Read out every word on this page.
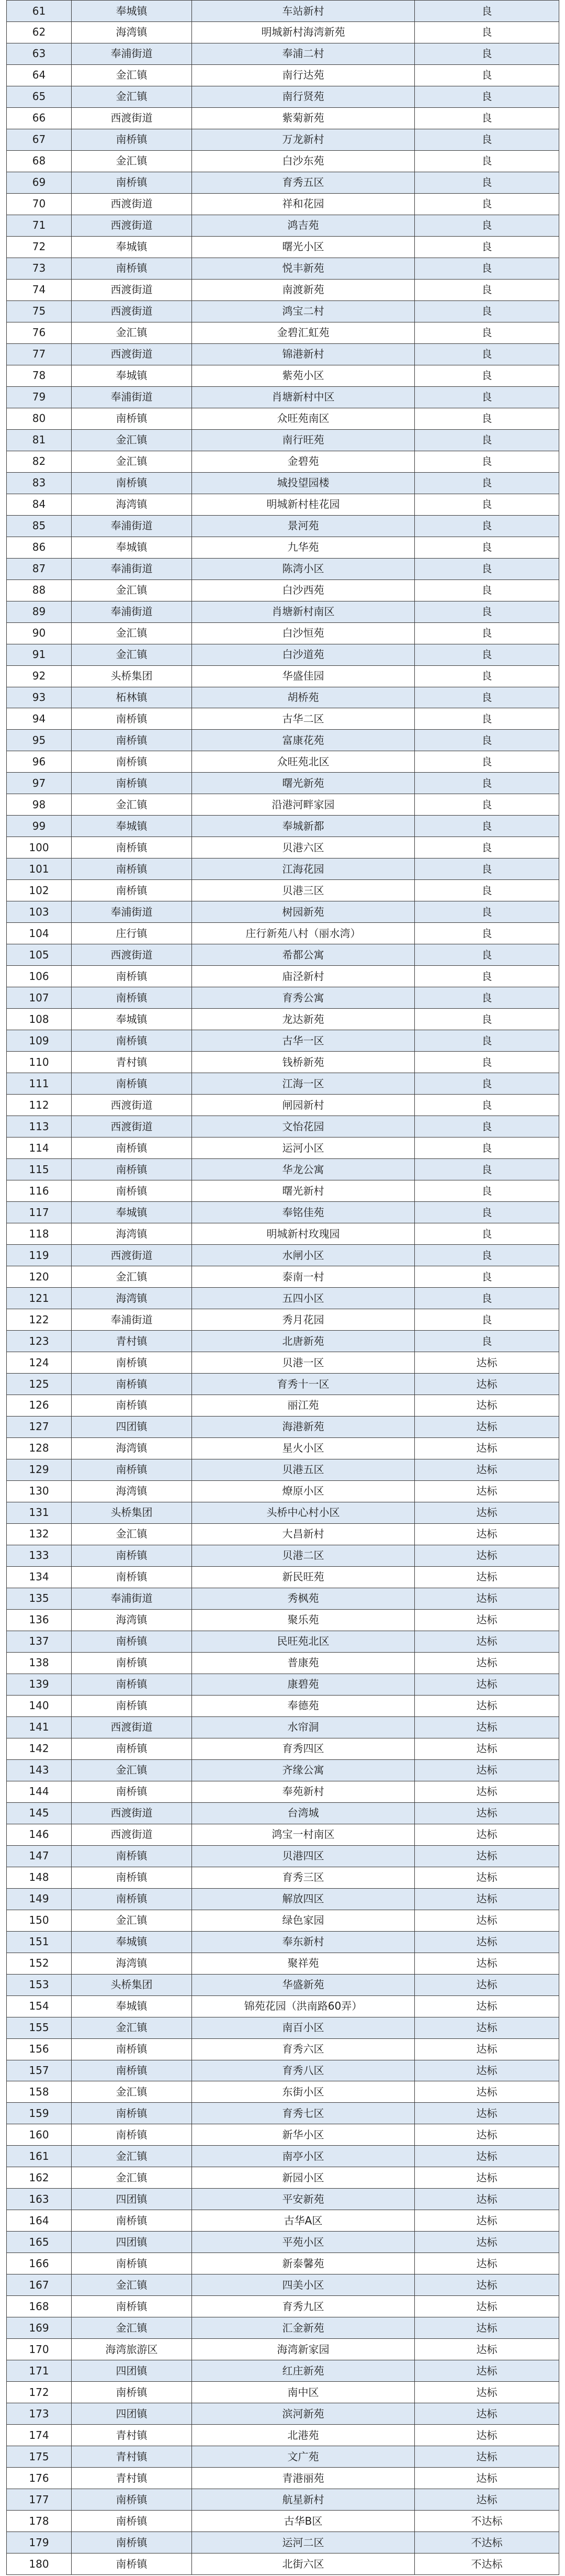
61	奉城镇	车站新村	良
62	海湾镇	明城新村海湾新苑	良
63	奉浦街道	奉浦二村	良
64	金汇镇	南行达苑	良
65	金汇镇	南行贤苑	良
66	西渡街道	紫菊新苑	良
67	南桥镇	万龙新村	良
68	金汇镇	白沙东苑	良
69	南桥镇	育秀五区	良
70	西渡街道	祥和花园	良
71	西渡街道	鸿吉苑	良
72	奉城镇	曙光小区	良
73	南桥镇	悦丰新苑	良
74	西渡街道	南渡新苑	良
75	西渡街道	鸿宝二村	良
76	金汇镇	金碧汇虹苑	良
77	西渡街道	锦港新村	良
78	奉城镇	紫苑小区	良
79	奉浦街道	肖塘新村中区	良
80	南桥镇	众旺苑南区	良
81	金汇镇	南行旺苑	良
82	金汇镇	金碧苑	良
83	南桥镇	城投望园楼	良
84	海湾镇	明城新村桂花园	良
85	奉浦街道	景河苑	良
86	奉城镇	九华苑	良
87	奉浦街道	陈湾小区	良
88	金汇镇	白沙西苑	良
89	奉浦街道	肖塘新村南区	良
90	金汇镇	白沙恒苑	良
91	金汇镇	白沙道苑	良
92	头桥集团	华盛佳园	良
93	柘林镇	胡桥苑	良
94	南桥镇	古华二区	良
95	南桥镇	富康花苑	良
96	南桥镇	众旺苑北区	良
97	南桥镇	曙光新苑	良
98	金汇镇	沿港河畔家园	良
99	奉城镇	奉城新都	良
100	南桥镇	贝港六区	良
101	南桥镇	江海花园	良
102	南桥镇	贝港三区	良
103	奉浦街道	树园新苑	良
104	庄行镇	庄行新苑八村（丽水湾）	良
105	西渡街道	希都公寓	良
106	南桥镇	庙泾新村	良
107	南桥镇	育秀公寓	良
108	奉城镇	龙达新苑	良
109	南桥镇	古华一区	良
110	青村镇	钱桥新苑	良
111	南桥镇	江海一区	良
112	西渡街道	闸园新村	良
113	西渡街道	文怡花园	良
114	南桥镇	运河小区	良
115	南桥镇	华龙公寓	良
116	南桥镇	曙光新村	良
117	奉城镇	奉铭佳苑	良
118	海湾镇	明城新村玫瑰园	良
119	西渡街道	水闸小区	良
120	金汇镇	泰南一村	良
121	海湾镇	五四小区	良
122	奉浦街道	秀月花园	良
123	青村镇	北唐新苑	良
124	南桥镇	贝港一区	达标
125	南桥镇	育秀十一区	达标
126	南桥镇	丽江苑	达标
127	四团镇	海港新苑	达标
128	海湾镇	星火小区	达标
129	南桥镇	贝港五区	达标
130	海湾镇	燎原小区	达标
131	头桥集团	头桥中心村小区	达标
132	金汇镇	大昌新村	达标
133	南桥镇	贝港二区	达标
134	南桥镇	新民旺苑	达标
135	奉浦街道	秀枫苑	达标
136	海湾镇	聚乐苑	达标
137	南桥镇	民旺苑北区	达标
138	南桥镇	普康苑	达标
139	南桥镇	康碧苑	达标
140	南桥镇	奉德苑	达标
141	西渡街道	水帘洞	达标
142	南桥镇	育秀四区	达标
143	金汇镇	齐缘公寓	达标
144	南桥镇	奉苑新村	达标
145	西渡街道	台湾城	达标
146	西渡街道	鸿宝一村南区	达标
147	南桥镇	贝港四区	达标
148	南桥镇	育秀三区	达标
149	南桥镇	解放四区	达标
150	金汇镇	绿色家园	达标
151	奉城镇	奉东新村	达标
152	海湾镇	聚祥苑	达标
153	头桥集团	华盛新苑	达标
154	奉城镇	锦苑花园（洪南路60弄）	达标
155	金汇镇	南百小区	达标
156	南桥镇	育秀六区	达标
157	南桥镇	育秀八区	达标
158	金汇镇	东街小区	达标
159	南桥镇	育秀七区	达标
160	南桥镇	新华小区	达标
161	金汇镇	南亭小区	达标
162	金汇镇	新园小区	达标
163	四团镇	平安新苑	达标
164	南桥镇	古华A区	达标
165	四团镇	平苑小区	达标
166	南桥镇	新泰馨苑	达标
167	金汇镇	四美小区	达标
168	南桥镇	育秀九区	达标
169	金汇镇	汇金新苑	达标
170	海湾旅游区	海湾新家园	达标
171	四团镇	红庄新苑	达标
172	南桥镇	南中区	达标
173	四团镇	滨河新苑	达标
174	青村镇	北港苑	达标
175	青村镇	文广苑	达标
176	青村镇	青港丽苑	达标
177	南桥镇	航星新村	达标
178	南桥镇	古华B区	不达标
179	南桥镇	运河二区	不达标
180	南桥镇	北街六区	不达标
